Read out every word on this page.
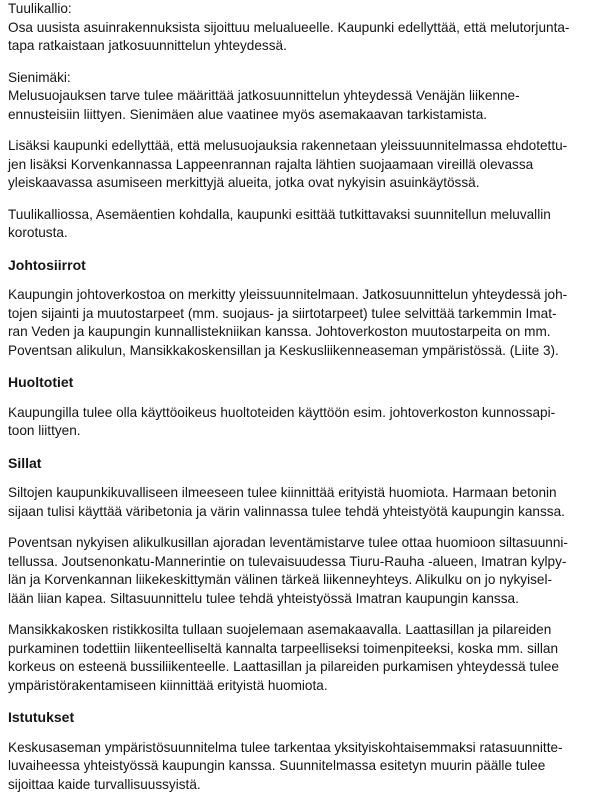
Tuulikallio:
Osa uusista asuinrakennuksista sijoittuu melualueelle. Kaupunki edellyttää, että melutorjunta-
tapa ratkaistaan jatkosuunnittelun yhteydessä.
Sienimäki:
Melusuojauksen tarve tulee määrittää jatkosuunnittelun yhteydessä Venäjän liikenne-
ennusteisiin liittyen. Sienimäen alue vaatinee myös asemakaavan tarkistamista.
Lisäksi kaupunki edellyttää, että melusuojauksia rakennetaan yleissuunnitelmassa ehdotettu-
jen lisäksi Korvenkannassa Lappeenrannan rajalta lähtien suojaamaan vireillä olevassa
yleiskaavassa asumiseen merkittyjä alueita, jotka ovat nykyisin asuinkäytössä.
Tuulikalliossa, Asemäentien kohdalla, kaupunki esittää tutkittavaksi suunnitellun meluvallin
korotusta.
Johtosiirrot
Kaupungin johtoverkostoa on merkitty yleissuunnitelmaan. Jatkosuunnittelun yhteydessä joh-
tojen sijainti ja muutostarpeet (mm. suojaus- ja siirtotarpeet) tulee selvittää tarkemmin Imat-
ran Veden ja kaupungin kunnallistekniikan kanssa. Johtoverkoston muutostarpeita on mm.
Poventsan alikulun, Mansikkakoskensillan ja Keskusliikenneaseman ympäristössä. (Liite 3).
Huoltotiet
Kaupungilla tulee olla käyttöoikeus huoltoteiden käyttöön esim. johtoverkoston kunnossapi-
toon liittyen.
Sillat
Siltojen kaupunkikuvalliseen ilmeeseen tulee kiinnittää erityistä huomiota. Harmaan betonin
sijaan tulisi käyttää väribetonia ja värin valinnassa tulee tehdä yhteistyötä kaupungin kanssa.
Poventsan nykyisen alikulkusillan ajoradan leventämistarve tulee ottaa huomioon siltasuunni-
tellussa. Joutsenonkatu-Mannerintie on tulevaisuudessa Tiuru-Rauha -alueen, Imatran kylpy-
län ja Korvenkannan liikekeskittymän välinen tärkeä liikenneyhteys. Alikulku on jo nykyisel-
lään liian kapea. Siltasuunnittelu tulee tehdä yhteistyössä Imatran kaupungin kanssa.
Mansikkakosken ristikkosilta tullaan suojelemaan asemakaavalla. Laattasillan ja pilareiden
purkaminen todettiin liikenteelliseltä kannalta tarpeelliseksi toimenpiteeksi, koska mm. sillan
korkeus on esteenä bussiliikenteelle. Laattasillan ja pilareiden purkamisen yhteydessä tulee
ympäristörakentamiseen kiinnittää erityistä huomiota.
Istutukset
Keskusaseman ympäristösuunnitelma tulee tarkentaa yksityiskohtaisemmaksi ratasuunnitte-
luvaiheessa yhteistyössä kaupungin kanssa. Suunnitelmassa esitetyn muurin päälle tulee
sijoittaa kaide turvallisuussyistä.
